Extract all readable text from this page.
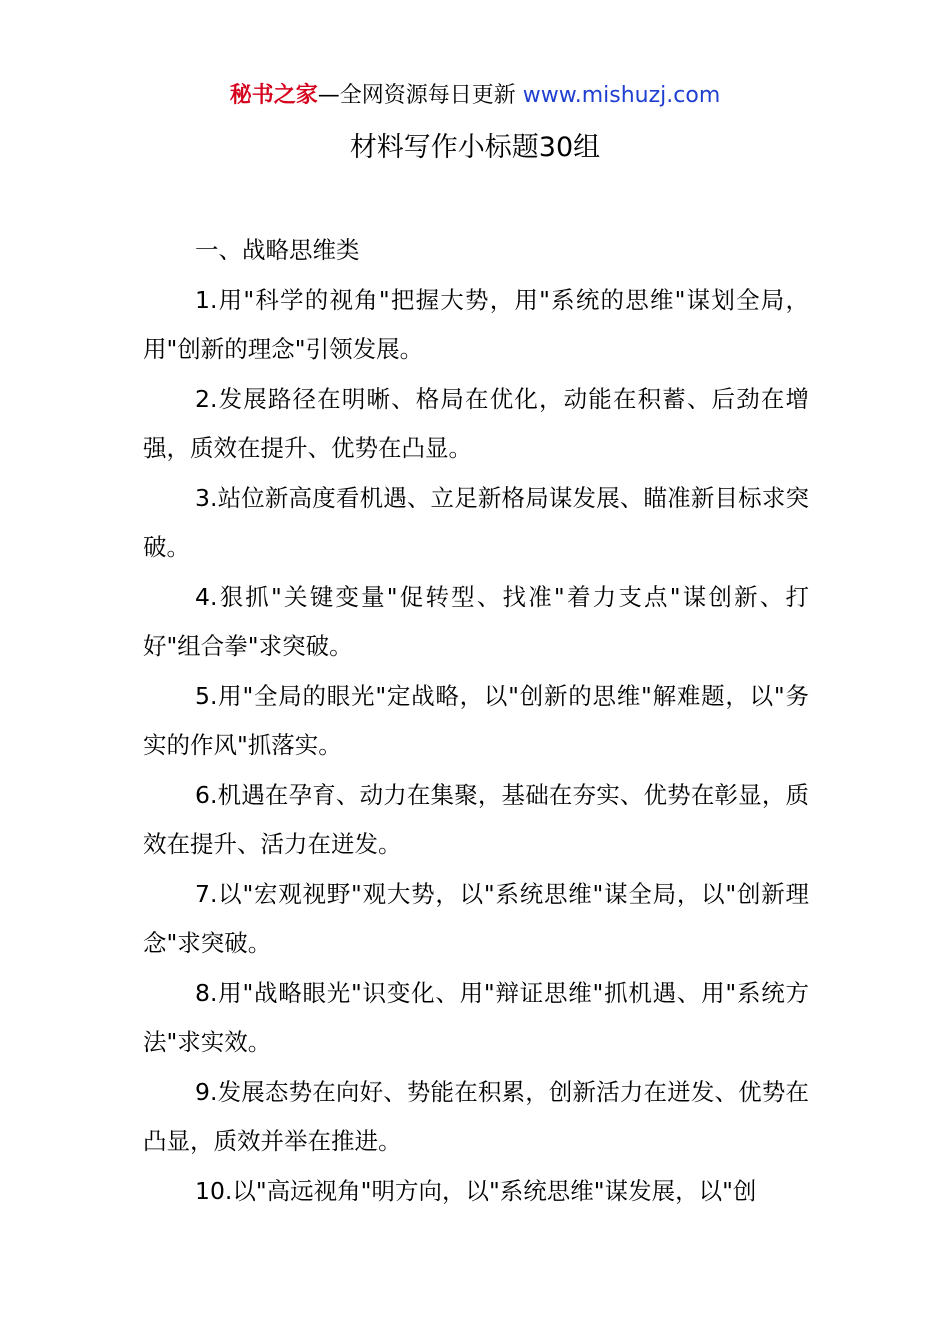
秘书之家—全网资源每日更新 www.mishuzj.com
材料写作小标题30组

一、战略思维类

1.用"科学的视角"把握大势，用"系统的思维"谋划全局，用"创新的理念"引领发展。

2.发展路径在明晰、格局在优化，动能在积蓄、后劲在增强，质效在提升、优势在凸显。

3.站位新高度看机遇、立足新格局谋发展、瞄准新目标求突破。

4.狠抓"关键变量"促转型、找准"着力支点"谋创新、打好"组合拳"求突破。

5.用"全局的眼光"定战略，以"创新的思维"解难题，以"务实的作风"抓落实。

6.机遇在孕育、动力在集聚，基础在夯实、优势在彰显，质效在提升、活力在迸发。

7.以"宏观视野"观大势，以"系统思维"谋全局，以"创新理念"求突破。

8.用"战略眼光"识变化、用"辩证思维"抓机遇、用"系统方法"求实效。

9.发展态势在向好、势能在积累，创新活力在迸发、优势在凸显，质效并举在推进。

10.以"高远视角"明方向，以"系统思维"谋发展，以"创
